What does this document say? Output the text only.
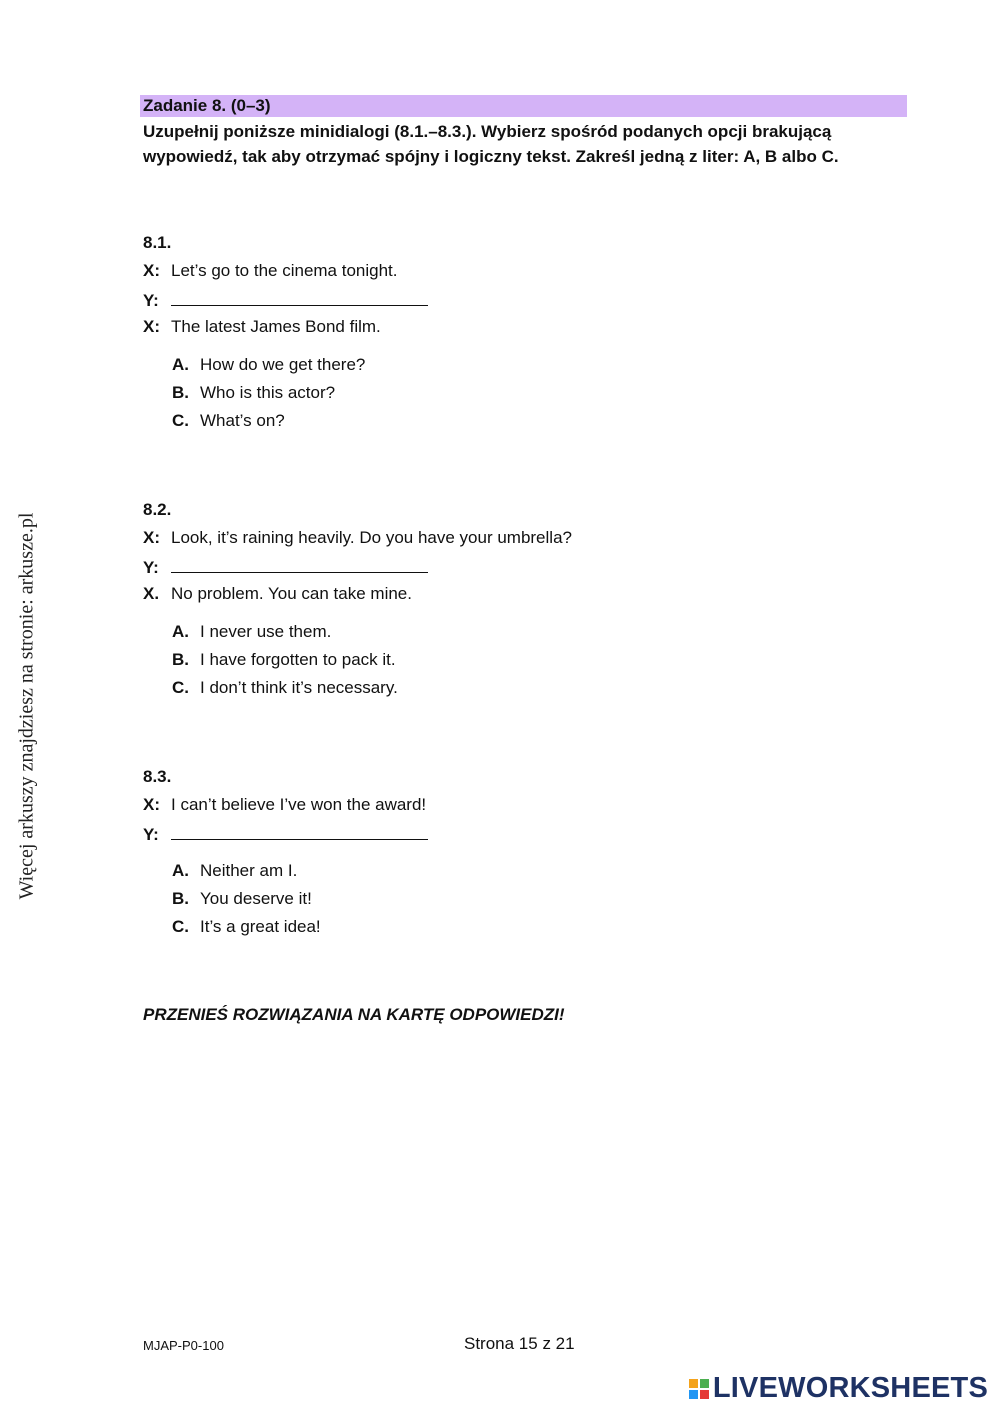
Więcej arkuszy znajdziesz na stronie: arkusze.pl
Zadanie 8. (0–3)
Uzupełnij poniższe minidialogi (8.1.–8.3.). Wybierz spośród podanych opcji brakującą wypowiedź, tak aby otrzymać spójny i logiczny tekst. Zakreśl jedną z liter: A, B albo C.
8.1.
X: Let’s go to the cinema tonight.
Y:
X: The latest James Bond film.
A. How do we get there?
B. Who is this actor?
C. What’s on?
8.2.
X: Look, it’s raining heavily. Do you have your umbrella?
Y:
X. No problem. You can take mine.
A. I never use them.
B. I have forgotten to pack it.
C. I don’t think it’s necessary.
8.3.
X: I can’t believe I’ve won the award!
Y:
A. Neither am I.
B. You deserve it!
C. It’s a great idea!
PRZENIEŚ ROZWIĄZANIA NA KARTĘ ODPOWIEDZI!
MJAP-P0-100	Strona 15 z 21
LIVEWORKSHEETS
